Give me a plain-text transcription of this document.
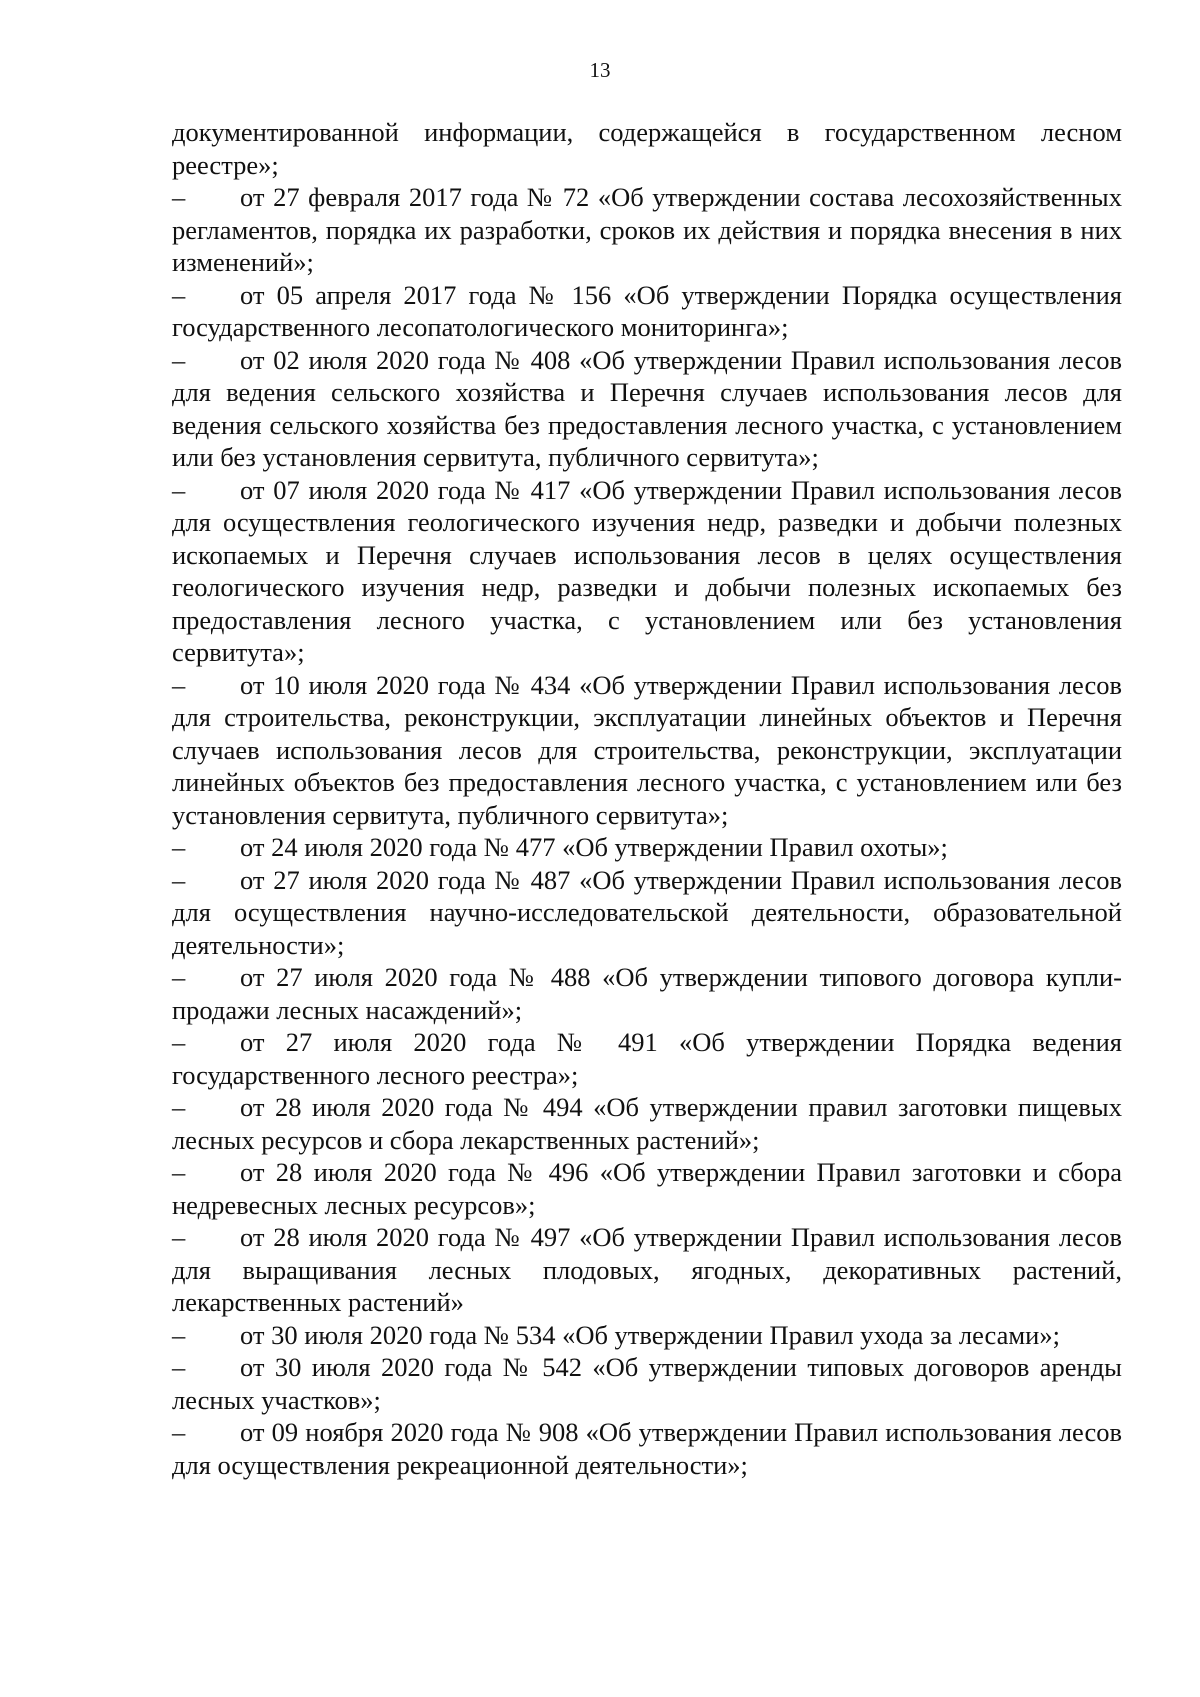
13

документированной информации, содержащейся в государственном лесном реестре»;

– от 27 февраля 2017 года № 72 «Об утверждении состава лесохозяйственных регламентов, порядка их разработки, сроков их действия и порядка внесения в них изменений»;

– от 05 апреля 2017 года № 156 «Об утверждении Порядка осуществления государственного лесопатологического мониторинга»;

– от 02 июля 2020 года № 408 «Об утверждении Правил использования лесов для ведения сельского хозяйства и Перечня случаев использования лесов для ведения сельского хозяйства без предоставления лесного участка, с установлением или без установления сервитута, публичного сервитута»;

– от 07 июля 2020 года № 417 «Об утверждении Правил использования лесов для осуществления геологического изучения недр, разведки и добычи полезных ископаемых и Перечня случаев использования лесов в целях осуществления геологического изучения недр, разведки и добычи полезных ископаемых без предоставления лесного участка, с установлением или без установления сервитута»;

– от 10 июля 2020 года № 434 «Об утверждении Правил использования лесов для строительства, реконструкции, эксплуатации линейных объектов и Перечня случаев использования лесов для строительства, реконструкции, эксплуатации линейных объектов без предоставления лесного участка, с установлением или без установления сервитута, публичного сервитута»;

– от 24 июля 2020 года № 477 «Об утверждении Правил охоты»;

– от 27 июля 2020 года № 487 «Об утверждении Правил использования лесов для осуществления научно-исследовательской деятельности, образовательной деятельности»;

– от 27 июля 2020 года № 488 «Об утверждении типового договора купли-продажи лесных насаждений»;

– от 27 июля 2020 года № 491 «Об утверждении Порядка ведения государственного лесного реестра»;

– от 28 июля 2020 года № 494 «Об утверждении правил заготовки пищевых лесных ресурсов и сбора лекарственных растений»;

– от 28 июля 2020 года № 496 «Об утверждении Правил заготовки и сбора недревесных лесных ресурсов»;

– от 28 июля 2020 года № 497 «Об утверждении Правил использования лесов для выращивания лесных плодовых, ягодных, декоративных растений, лекарственных растений»

– от 30 июля 2020 года № 534 «Об утверждении Правил ухода за лесами»;

– от 30 июля 2020 года № 542 «Об утверждении типовых договоров аренды лесных участков»;

– от 09 ноября 2020 года № 908 «Об утверждении Правил использования лесов для осуществления рекреационной деятельности»;
